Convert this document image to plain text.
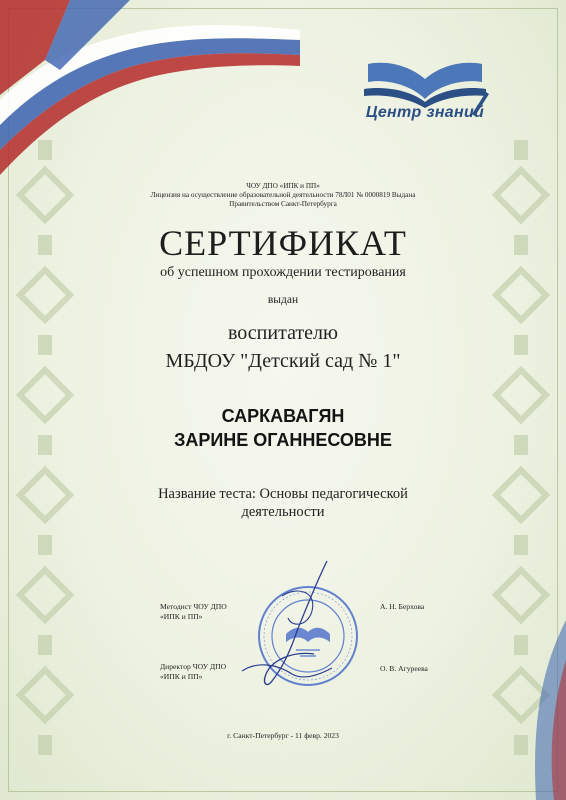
Центр знаний
ЧОУ ДПО «ИПК и ПП»
Лицензия на осуществление образовательной деятельности 78Л01 № 0000819 Выдана
Правительством Санкт-Петербурга
СЕРТИФИКАТ
об успешном прохождении тестирования
выдан
воспитателю
МБДОУ "Детский сад № 1"
САРКАВАГЯН
ЗАРИНЕ ОГАННЕСОВНЕ
Название теста: Основы педагогической
деятельности
Методист ЧОУ ДПО
«ИПК и ПП»
А. Н. Берхова
Директор ЧОУ ДПО
«ИПК и ПП»
О. В. Агуреева
г. Санкт-Петербург - 11 февр. 2023
